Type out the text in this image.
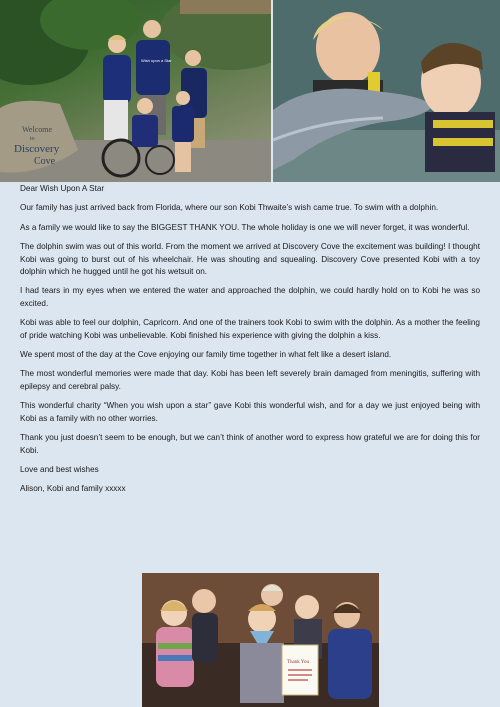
Welcome
to
Discovery
Cove
Wish upon a Star

Dear Wish Upon A Star

Our family has just arrived back from Florida, where our son Kobi Thwaite’s wish came true. To swim with a dolphin.

As a family we would like to say the BIGGEST THANK YOU. The whole holiday is one we will never forget, it was wonderful.

The dolphin swim was out of this world. From the moment we arrived at Discovery Cove the excitement was building! I thought Kobi was going to burst out of his wheelchair. He was shouting and squealing. Discovery Cove presented Kobi with a toy dolphin which he hugged until he got his wetsuit on.

I had tears in my eyes when we entered the water and approached the dolphin, we could hardly hold on to Kobi he was so excited.

Kobi was able to feel our dolphin, Capricorn. And one of the trainers took Kobi to swim with the dolphin. As a mother the feeling of pride watching Kobi was unbelievable. Kobi finished his experience with giving the dolphin a kiss.

We spent most of the day at the Cove enjoying our family time together in what felt like a desert island.

The most wonderful memories were made that day. Kobi has been left severely brain damaged from meningitis, suffering with epilepsy and cerebral palsy.

This wonderful charity “When you wish upon a star” gave Kobi this wonderful wish, and for a day we just enjoyed being with Kobi as a family with no other worries.

Thank you just doesn’t seem to be enough, but we can’t think of another word to express how grateful we are for doing this for Kobi.

Love and best wishes

Alison, Kobi and family xxxxx

Thank You
